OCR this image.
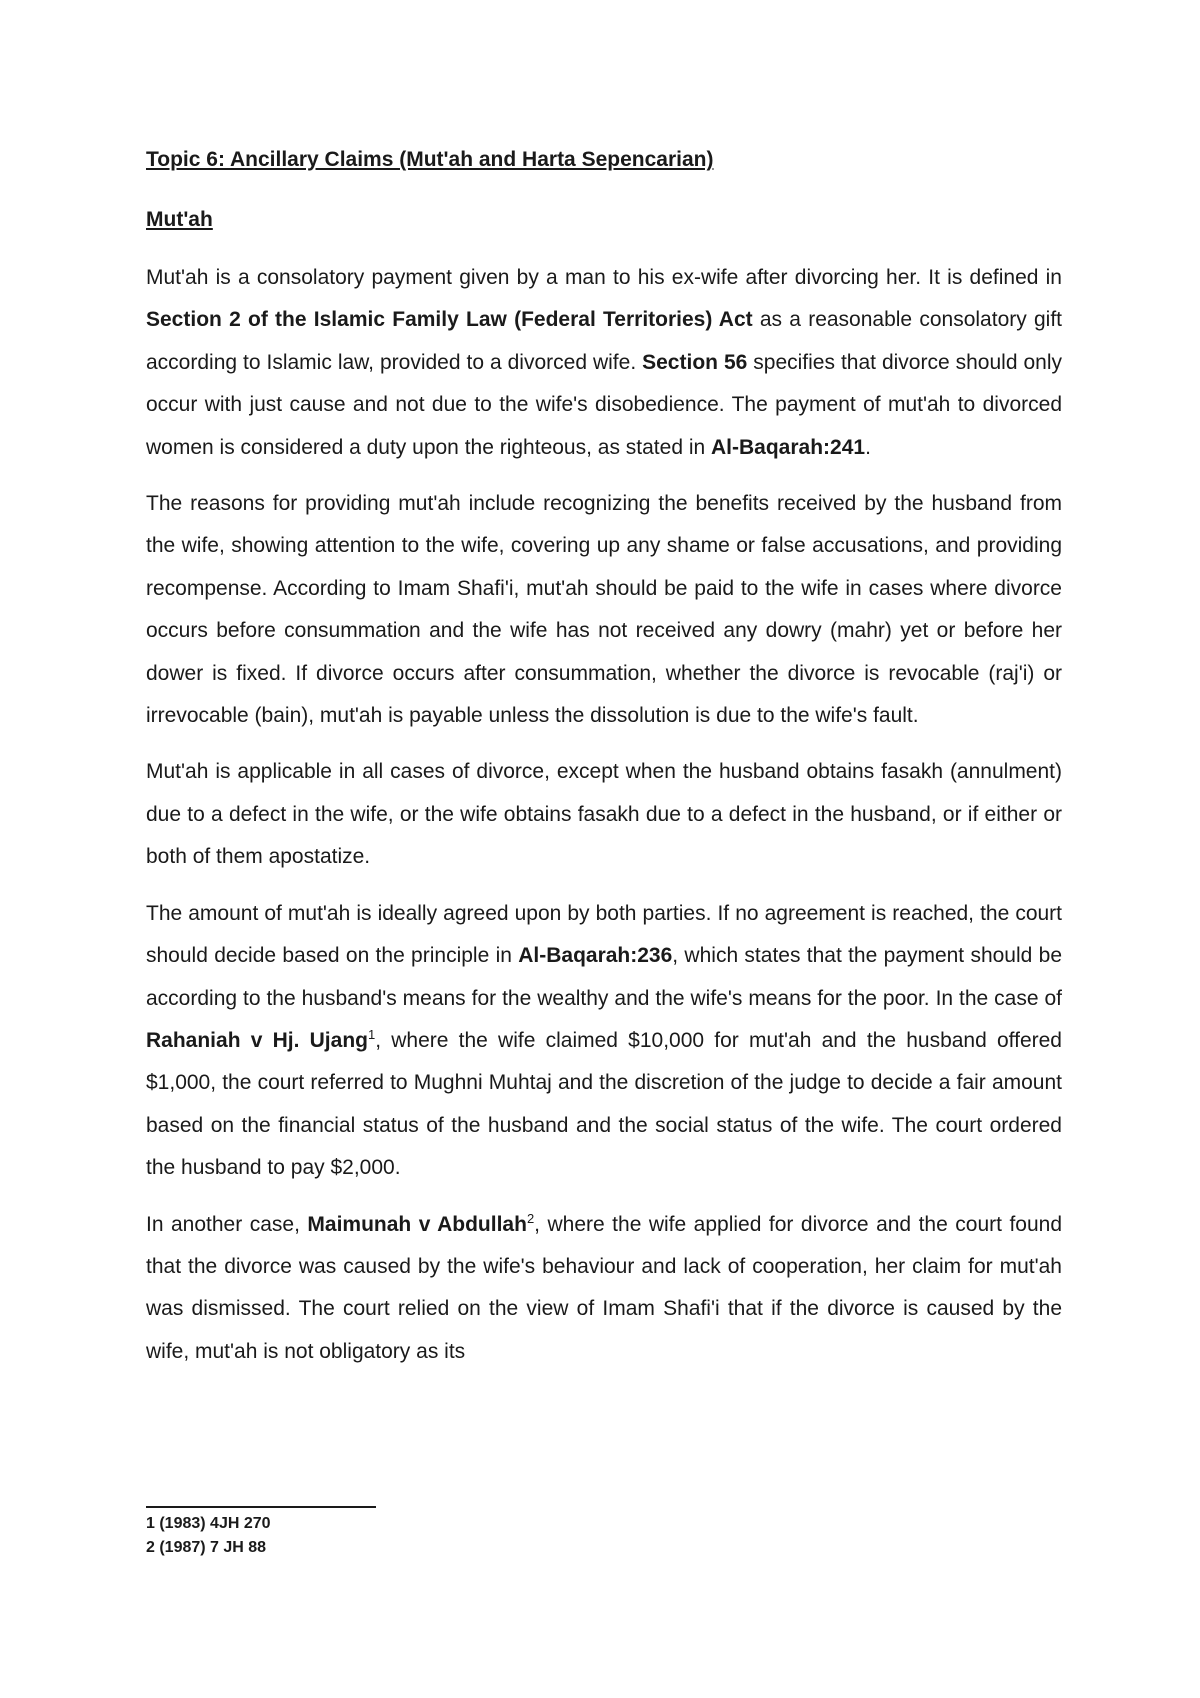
Topic 6: Ancillary Claims (Mut'ah and Harta Sepencarian)

Mut'ah

Mut'ah is a consolatory payment given by a man to his ex-wife after divorcing her. It is defined in Section 2 of the Islamic Family Law (Federal Territories) Act as a reasonable consolatory gift according to Islamic law, provided to a divorced wife. Section 56 specifies that divorce should only occur with just cause and not due to the wife's disobedience. The payment of mut'ah to divorced women is considered a duty upon the righteous, as stated in Al-Baqarah:241.

The reasons for providing mut'ah include recognizing the benefits received by the husband from the wife, showing attention to the wife, covering up any shame or false accusations, and providing recompense. According to Imam Shafi'i, mut'ah should be paid to the wife in cases where divorce occurs before consummation and the wife has not received any dowry (mahr) yet or before her dower is fixed. If divorce occurs after consummation, whether the divorce is revocable (raj'i) or irrevocable (bain), mut'ah is payable unless the dissolution is due to the wife's fault.

Mut'ah is applicable in all cases of divorce, except when the husband obtains fasakh (annulment) due to a defect in the wife, or the wife obtains fasakh due to a defect in the husband, or if either or both of them apostatize.

The amount of mut'ah is ideally agreed upon by both parties. If no agreement is reached, the court should decide based on the principle in Al-Baqarah:236, which states that the payment should be according to the husband's means for the wealthy and the wife's means for the poor. In the case of Rahaniah v Hj. Ujang$^1$, where the wife claimed $10,000 for mut'ah and the husband offered $1,000, the court referred to Mughni Muhtaj and the discretion of the judge to decide a fair amount based on the financial status of the husband and the social status of the wife. The court ordered the husband to pay $2,000.

In another case, Maimunah v Abdullah$^2$, where the wife applied for divorce and the court found that the divorce was caused by the wife's behaviour and lack of cooperation, her claim for mut'ah was dismissed. The court relied on the view of Imam Shafi'i that if the divorce is caused by the wife, mut'ah is not obligatory as its

1 (1983) 4JH 270

2 (1987) 7 JH 88
